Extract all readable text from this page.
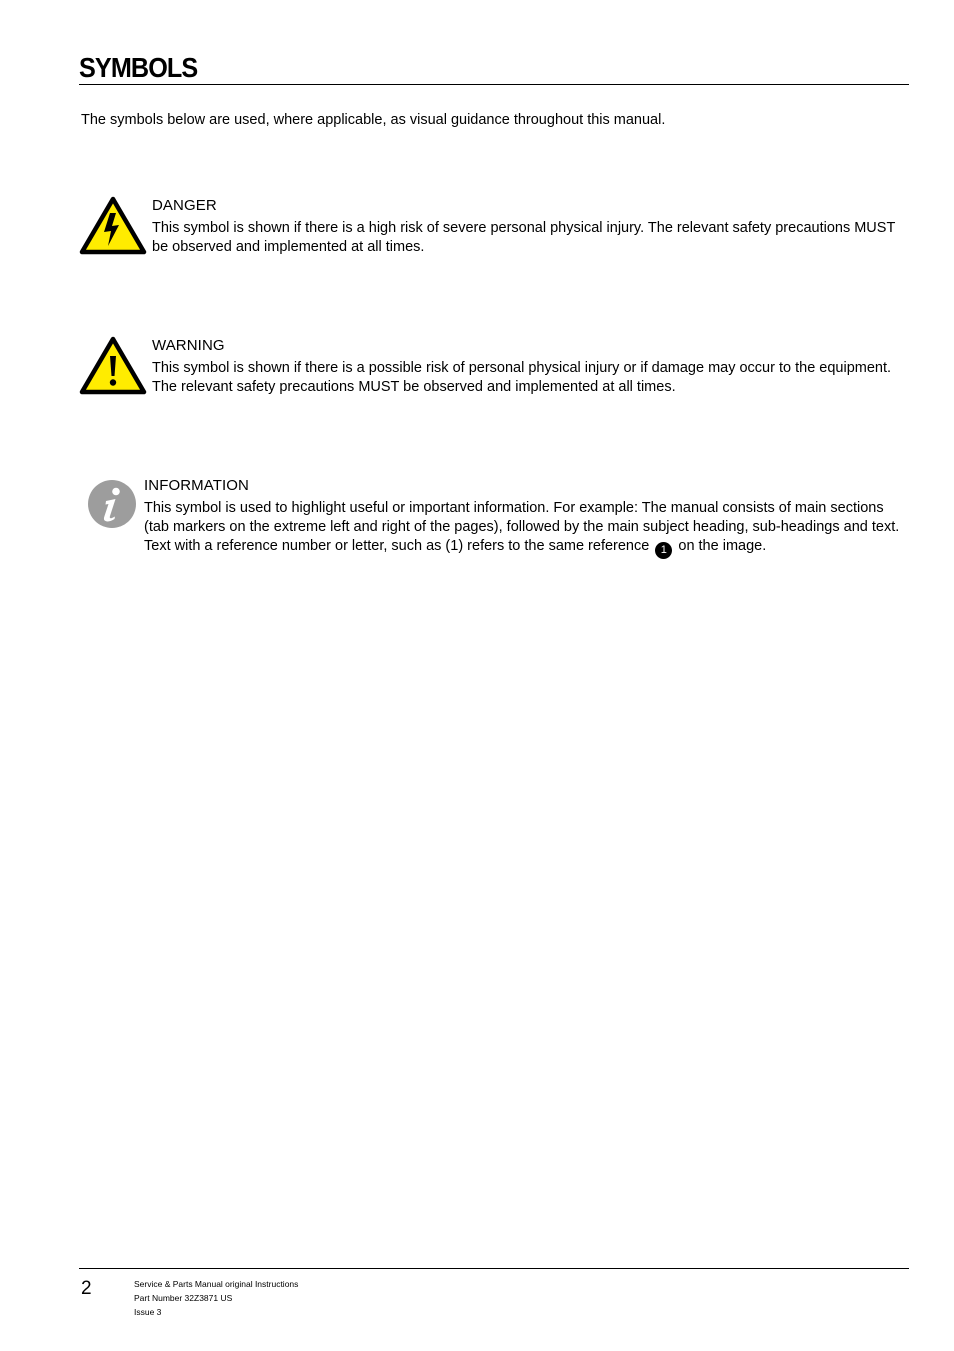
SYMBOLS

The symbols below are used, where applicable, as visual guidance throughout this manual.

DANGER

This symbol is shown if there is a high risk of severe personal physical injury. The relevant safety precautions MUST be observed and implemented at all times.

WARNING

This symbol is shown if there is a possible risk of personal physical injury or if damage may occur to the equipment. The relevant safety precautions MUST be observed and implemented at all times.

INFORMATION

This symbol is used to highlight useful or important information. For example: The manual consists of main sections (tab markers on the extreme left and right of the pages), followed by the main subject heading, sub-headings and text. Text with a reference number or letter, such as (1) refers to the same reference 1 on the image.

2	Service & Parts Manual original Instructions
Part Number 32Z3871 US
Issue 3
